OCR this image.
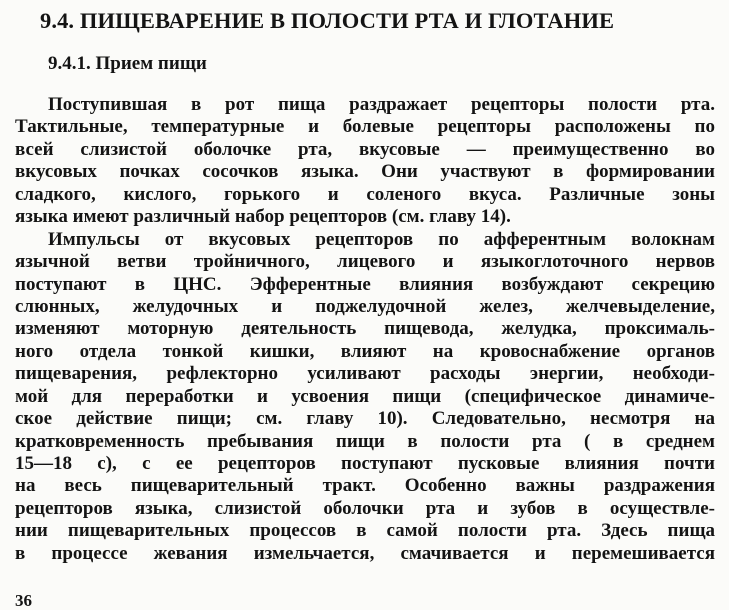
9.4. ПИЩЕВАРЕНИЕ В ПОЛОСТИ РТА И ГЛОТАНИЕ
9.4.1. Прием пищи
Поступившая в рот пища раздражает рецепторы полости рта.
Тактильные, температурные и болевые рецепторы расположены по
всей слизистой оболочке рта, вкусовые — преимущественно во
вкусовых почках сосочков языка. Они участвуют в формировании
сладкого, кислого, горького и соленого вкуса. Различные зоны
языка имеют различный набор рецепторов (см. главу 14).
Импульсы от вкусовых рецепторов по афферентным волокнам
язычной ветви тройничного, лицевого и языкоглоточного нервов
поступают в ЦНС. Эфферентные влияния возбуждают секрецию
слюнных, желудочных и поджелудочной желез, желчевыделение,
изменяют моторную деятельность пищевода, желудка, проксималь-
ного отдела тонкой кишки, влияют на кровоснабжение органов
пищеварения, рефлекторно усиливают расходы энергии, необходи-
мой для переработки и усвоения пищи (специфическое динамиче-
ское действие пищи; см. главу 10). Следовательно, несмотря на
кратковременность пребывания пищи в полости рта ( в среднем
15—18 с), с ее рецепторов поступают пусковые влияния почти
на весь пищеварительный тракт. Особенно важны раздражения
рецепторов языка, слизистой оболочки рта и зубов в осуществле-
нии пищеварительных процессов в самой полости рта. Здесь пища
в процессе жевания измельчается, смачивается и перемешивается
36
